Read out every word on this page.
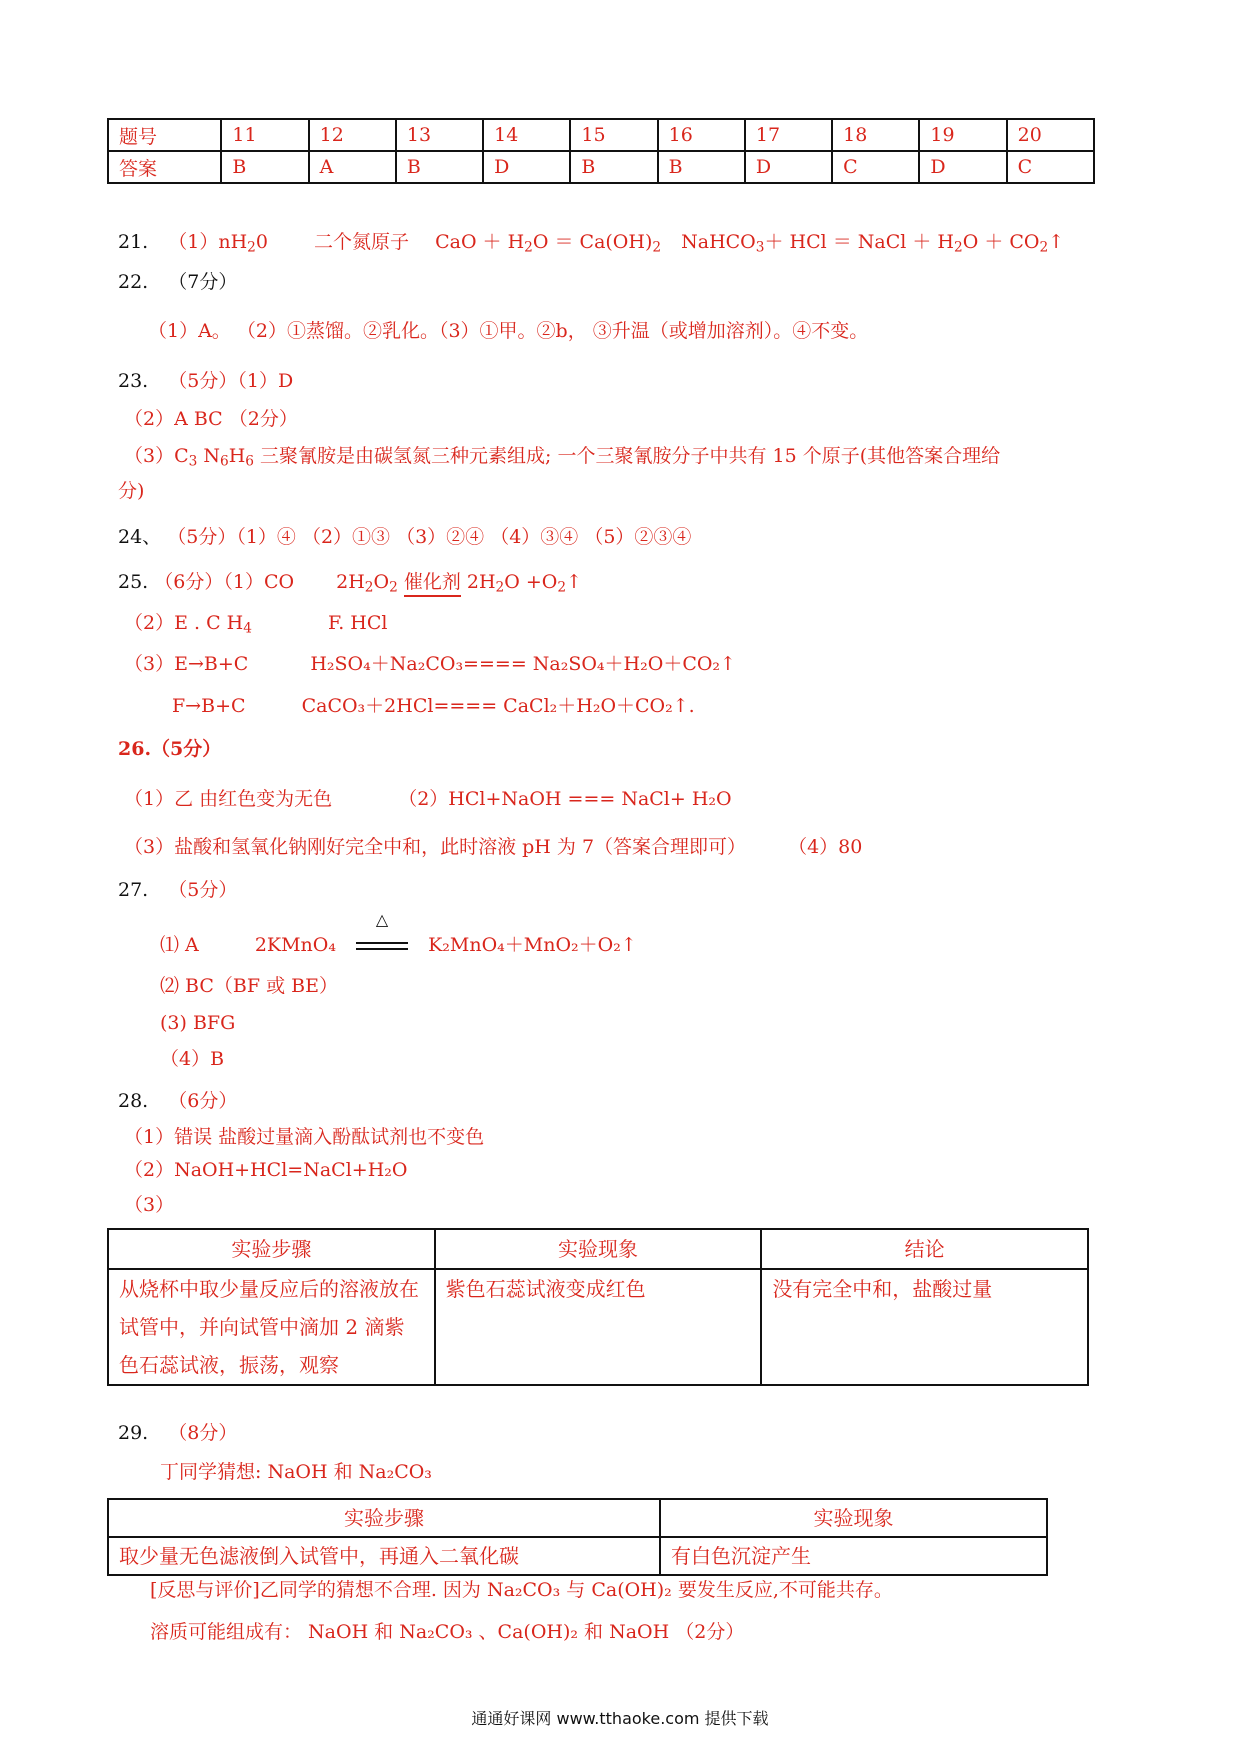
题号	11	12	13	14	15	16	17	18	19	20
答案	B	A	B	D	B	B	D	C	D	C
21. $(1)nH_20$ 二个氮原子 CaO ＋ $H_2O = Ca(OH)_2$ NaHCO$_3$＋ HCl ＝ NaCl ＋ $H_2O$ ＋ $CO_2↑$
22. （7分）
（1）A。 （2）①蒸馏。②乳化。（3）①甲。②b， ③升温（或增加溶剂）。④不变。
23. （5分）（1）D
（2）A BC （2分）
$(3)C_3$ $N_6H_6$ 三聚氰胺是由碳氢氮三种元素组成; 一个三聚氰胺分子中共有 15 个原子(其他答案合理给
分)
24、 （5分）（1）④ （2）①③ （3）②④ （4）③④ （5）②③④
25. （6分）（1）CO $2H_2O_2$ 催化剂 $2H_2O$ $+O_2↑$
（2）E . C $H_4$	F. HCl
（3）E→B+C	H₂SO₄＋Na₂CO₃==== Na₂SO₄＋H₂O＋CO₂↑
F→B+C	CaCO₃＋2HCl==== CaCl₂＋H₂O＋CO₂↑.
26.（5分）
（1）乙 由红色变为无色	（2）HCl+NaOH === NaCl+ H₂O
（3）盐酸和氢氧化钠刚好完全中和，此时溶液 pH 为 7（答案合理即可） （4）80
27. （5分）
⑴ A	2KMnO₄
△
K₂MnO₄＋MnO₂＋O₂↑
⑵ BC（BF 或 BE）
(3) BFG
（4）B
28. （6分）
（1）错误 盐酸过量滴入酚酞试剂也不变色
（2）NaOH+HCl=NaCl+H₂O
（3）
实验步骤	实验现象	结论
从烧杯中取少量反应后的溶液放在试管中，并向试管中滴加 2 滴紫色石蕊试液，振荡，观察	紫色石蕊试液变成红色	没有完全中和，盐酸过量
29. （8分）
丁同学猜想: NaOH 和 Na₂CO₃
实验步骤	实验现象
取少量无色滤液倒入试管中，再通入二氧化碳	有白色沉淀产生
[反思与评价]乙同学的猜想不合理. 因为 Na₂CO₃ 与 Ca(OH)₂ 要发生反应,不可能共存。
溶质可能组成有： NaOH 和 Na₂CO₃ 、Ca(OH)₂ 和 NaOH （2分）
通通好课网 www.tthaoke.com 提供下载
